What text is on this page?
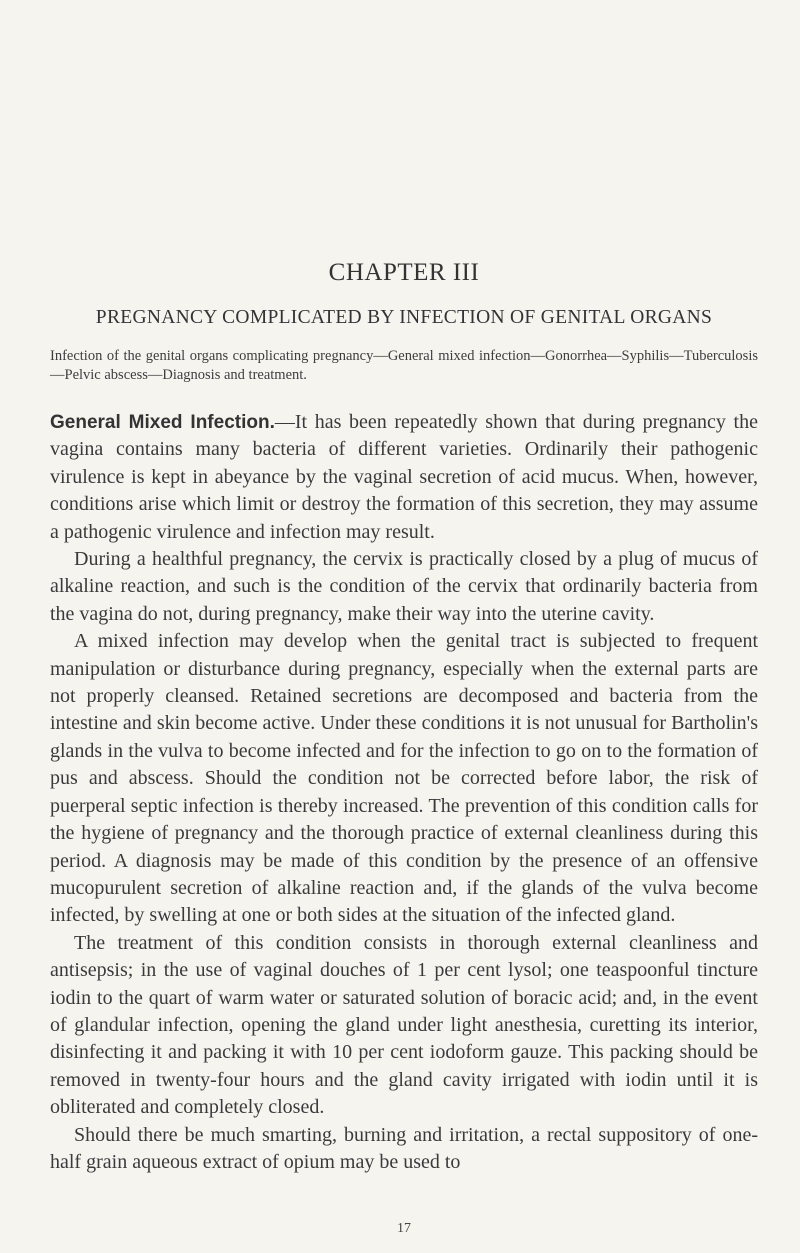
CHAPTER III
PREGNANCY COMPLICATED BY INFECTION OF GENITAL ORGANS
Infection of the genital organs complicating pregnancy—General mixed infection—Gonorrhea—Syphilis—Tuberculosis—Pelvic abscess—Diagnosis and treatment.

General Mixed Infection.—It has been repeatedly shown that during pregnancy the vagina contains many bacteria of different varieties. Ordinarily their pathogenic virulence is kept in abeyance by the vaginal secretion of acid mucus. When, however, conditions arise which limit or destroy the formation of this secretion, they may assume a pathogenic virulence and infection may result.

During a healthful pregnancy, the cervix is practically closed by a plug of mucus of alkaline reaction, and such is the condition of the cervix that ordinarily bacteria from the vagina do not, during pregnancy, make their way into the uterine cavity.

A mixed infection may develop when the genital tract is subjected to frequent manipulation or disturbance during pregnancy, especially when the external parts are not properly cleansed. Retained secretions are decomposed and bacteria from the intestine and skin become active. Under these conditions it is not unusual for Bartholin's glands in the vulva to become infected and for the infection to go on to the formation of pus and abscess. Should the condition not be corrected before labor, the risk of puerperal septic infection is thereby increased. The prevention of this condition calls for the hygiene of pregnancy and the thorough practice of external cleanliness during this period. A diagnosis may be made of this condition by the presence of an offensive mucopurulent secretion of alkaline reaction and, if the glands of the vulva become infected, by swelling at one or both sides at the situation of the infected gland.

The treatment of this condition consists in thorough external cleanliness and antisepsis; in the use of vaginal douches of 1 per cent lysol; one teaspoonful tincture iodin to the quart of warm water or saturated solution of boracic acid; and, in the event of glandular infection, opening the gland under light anesthesia, curetting its interior, disinfecting it and packing it with 10 per cent iodoform gauze. This packing should be removed in twenty-four hours and the gland cavity irrigated with iodin until it is obliterated and completely closed.

Should there be much smarting, burning and irritation, a rectal suppository of one-half grain aqueous extract of opium may be used to

17
